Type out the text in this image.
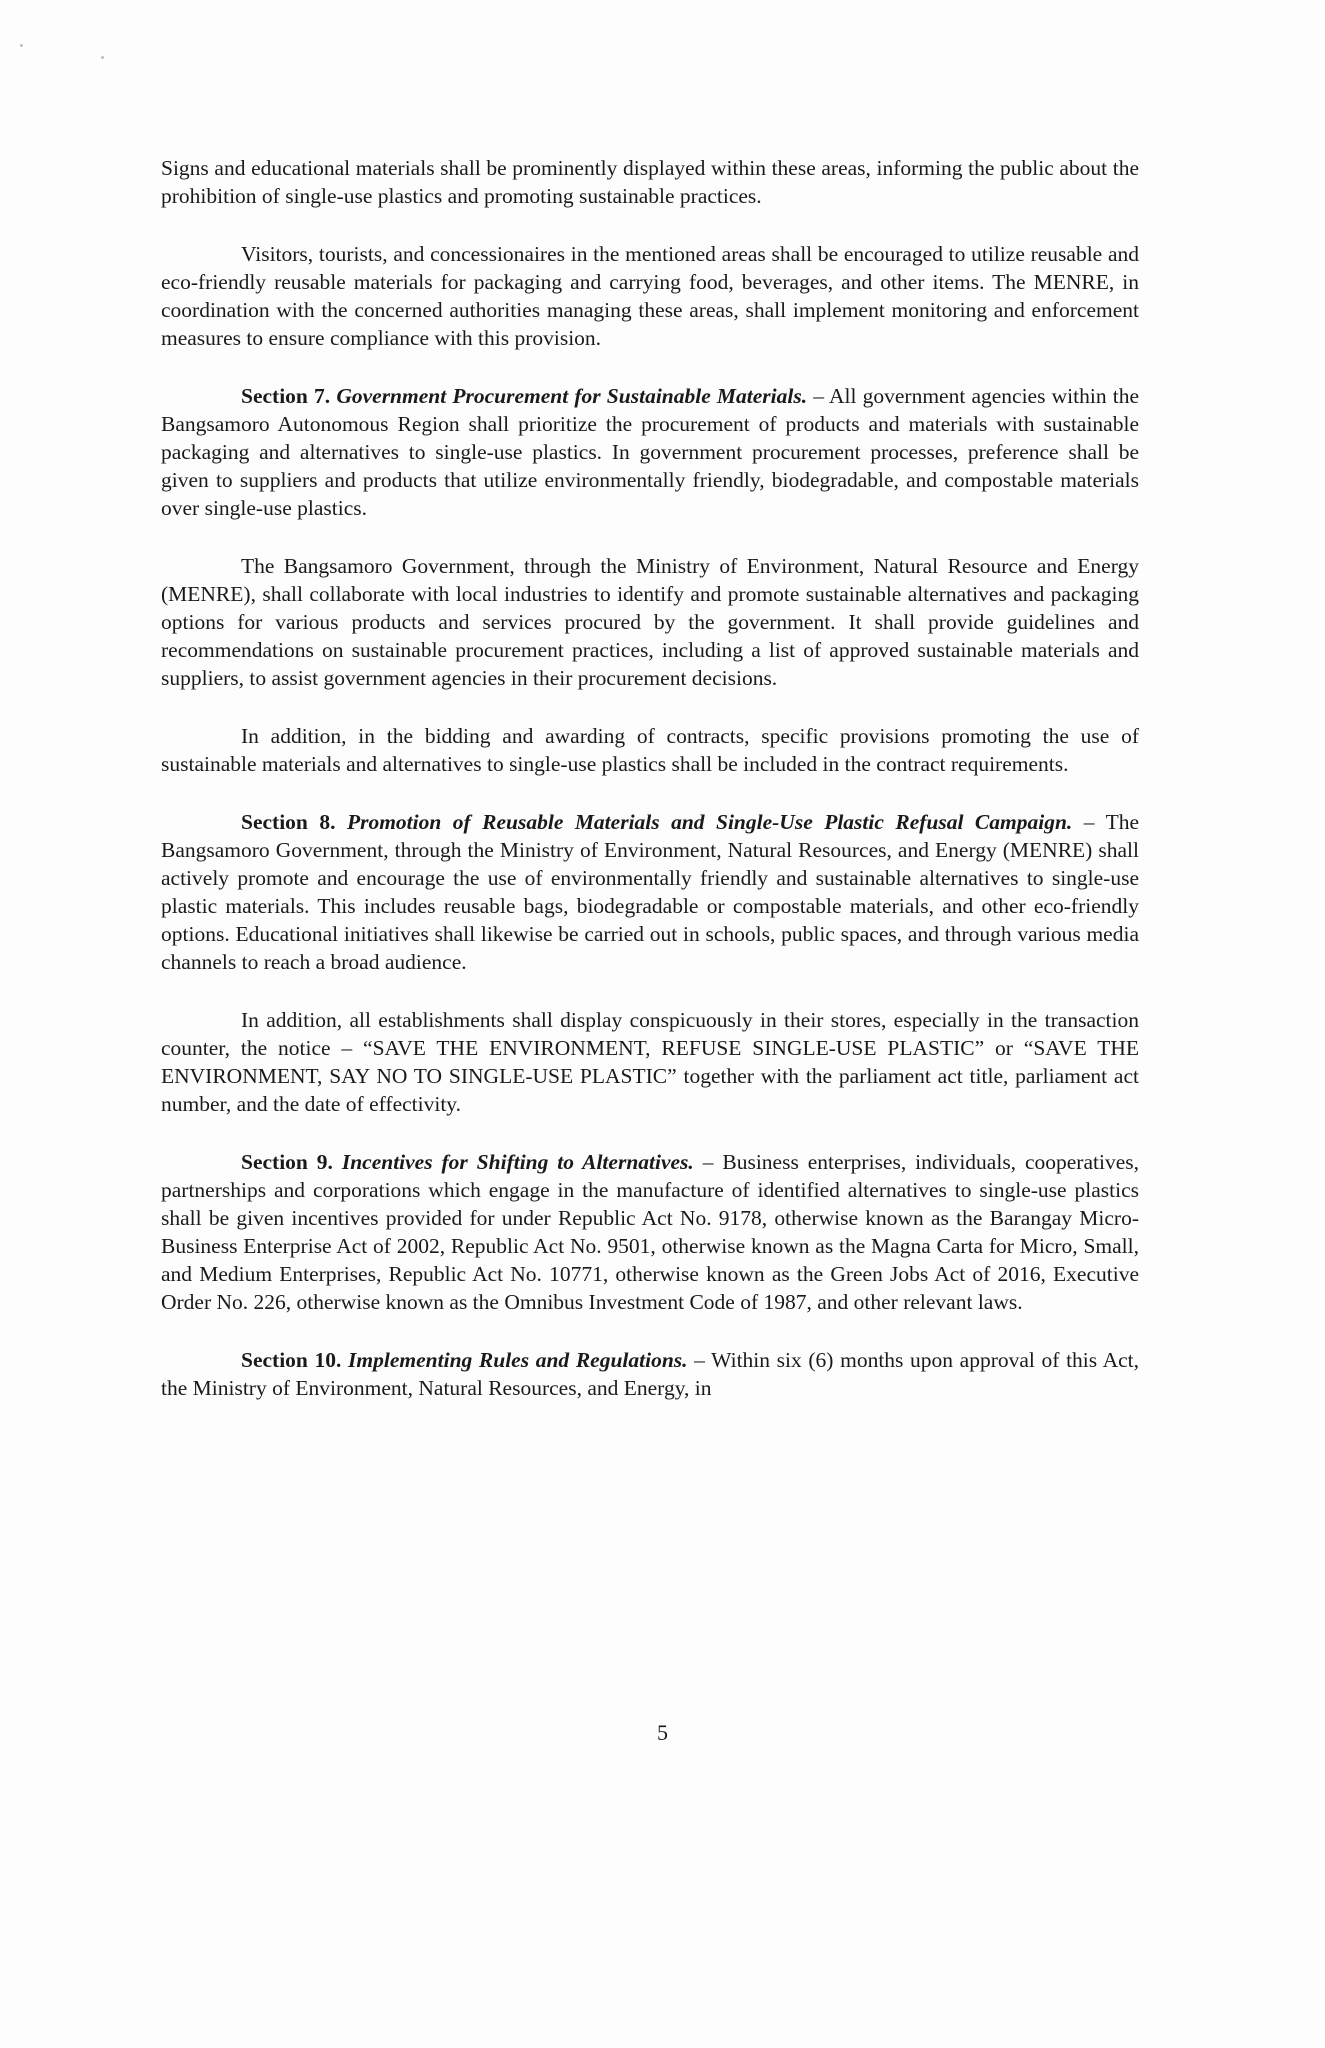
Signs and educational materials shall be prominently displayed within these areas, informing the public about the prohibition of single-use plastics and promoting sustainable practices.

Visitors, tourists, and concessionaires in the mentioned areas shall be encouraged to utilize reusable and eco-friendly reusable materials for packaging and carrying food, beverages, and other items. The MENRE, in coordination with the concerned authorities managing these areas, shall implement monitoring and enforcement measures to ensure compliance with this provision.

Section 7. Government Procurement for Sustainable Materials. – All government agencies within the Bangsamoro Autonomous Region shall prioritize the procurement of products and materials with sustainable packaging and alternatives to single-use plastics. In government procurement processes, preference shall be given to suppliers and products that utilize environmentally friendly, biodegradable, and compostable materials over single-use plastics.

The Bangsamoro Government, through the Ministry of Environment, Natural Resource and Energy (MENRE), shall collaborate with local industries to identify and promote sustainable alternatives and packaging options for various products and services procured by the government. It shall provide guidelines and recommendations on sustainable procurement practices, including a list of approved sustainable materials and suppliers, to assist government agencies in their procurement decisions.

In addition, in the bidding and awarding of contracts, specific provisions promoting the use of sustainable materials and alternatives to single-use plastics shall be included in the contract requirements.

Section 8. Promotion of Reusable Materials and Single-Use Plastic Refusal Campaign. – The Bangsamoro Government, through the Ministry of Environment, Natural Resources, and Energy (MENRE) shall actively promote and encourage the use of environmentally friendly and sustainable alternatives to single-use plastic materials. This includes reusable bags, biodegradable or compostable materials, and other eco-friendly options. Educational initiatives shall likewise be carried out in schools, public spaces, and through various media channels to reach a broad audience.

In addition, all establishments shall display conspicuously in their stores, especially in the transaction counter, the notice – “SAVE THE ENVIRONMENT, REFUSE SINGLE-USE PLASTIC” or “SAVE THE ENVIRONMENT, SAY NO TO SINGLE-USE PLASTIC” together with the parliament act title, parliament act number, and the date of effectivity.

Section 9. Incentives for Shifting to Alternatives. – Business enterprises, individuals, cooperatives, partnerships and corporations which engage in the manufacture of identified alternatives to single-use plastics shall be given incentives provided for under Republic Act No. 9178, otherwise known as the Barangay Micro-Business Enterprise Act of 2002, Republic Act No. 9501, otherwise known as the Magna Carta for Micro, Small, and Medium Enterprises, Republic Act No. 10771, otherwise known as the Green Jobs Act of 2016, Executive Order No. 226, otherwise known as the Omnibus Investment Code of 1987, and other relevant laws.

Section 10. Implementing Rules and Regulations. – Within six (6) months upon approval of this Act, the Ministry of Environment, Natural Resources, and Energy, in

5
